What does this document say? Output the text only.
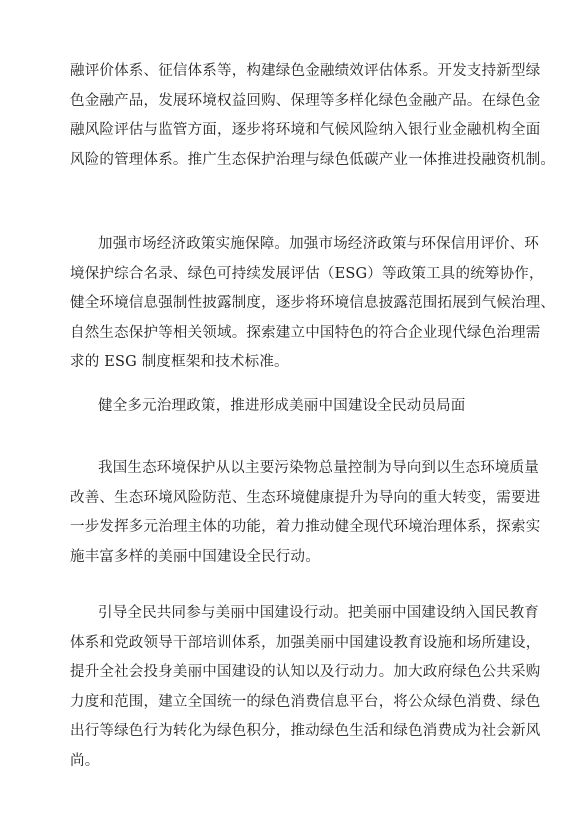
融评价体系、征信体系等，构建绿色金融绩效评估体系。开发支持新型绿
色金融产品，发展环境权益回购、保理等多样化绿色金融产品。在绿色金
融风险评估与监管方面，逐步将环境和气候风险纳入银行业金融机构全面
风险的管理体系。推广生态保护治理与绿色低碳产业一体推进投融资机制。

加强市场经济政策实施保障。加强市场经济政策与环保信用评价、环
境保护综合名录、绿色可持续发展评估（ESG）等政策工具的统筹协作，
健全环境信息强制性披露制度，逐步将环境信息披露范围拓展到气候治理、
自然生态保护等相关领域。探索建立中国特色的符合企业现代绿色治理需
求的 ESG 制度框架和技术标准。

健全多元治理政策，推进形成美丽中国建设全民动员局面

我国生态环境保护从以主要污染物总量控制为导向到以生态环境质量
改善、生态环境风险防范、生态环境健康提升为导向的重大转变，需要进
一步发挥多元治理主体的功能，着力推动健全现代环境治理体系，探索实
施丰富多样的美丽中国建设全民行动。

引导全民共同参与美丽中国建设行动。把美丽中国建设纳入国民教育
体系和党政领导干部培训体系，加强美丽中国建设教育设施和场所建设，
提升全社会投身美丽中国建设的认知以及行动力。加大政府绿色公共采购
力度和范围，建立全国统一的绿色消费信息平台，将公众绿色消费、绿色
出行等绿色行为转化为绿色积分，推动绿色生活和绿色消费成为社会新风
尚。
